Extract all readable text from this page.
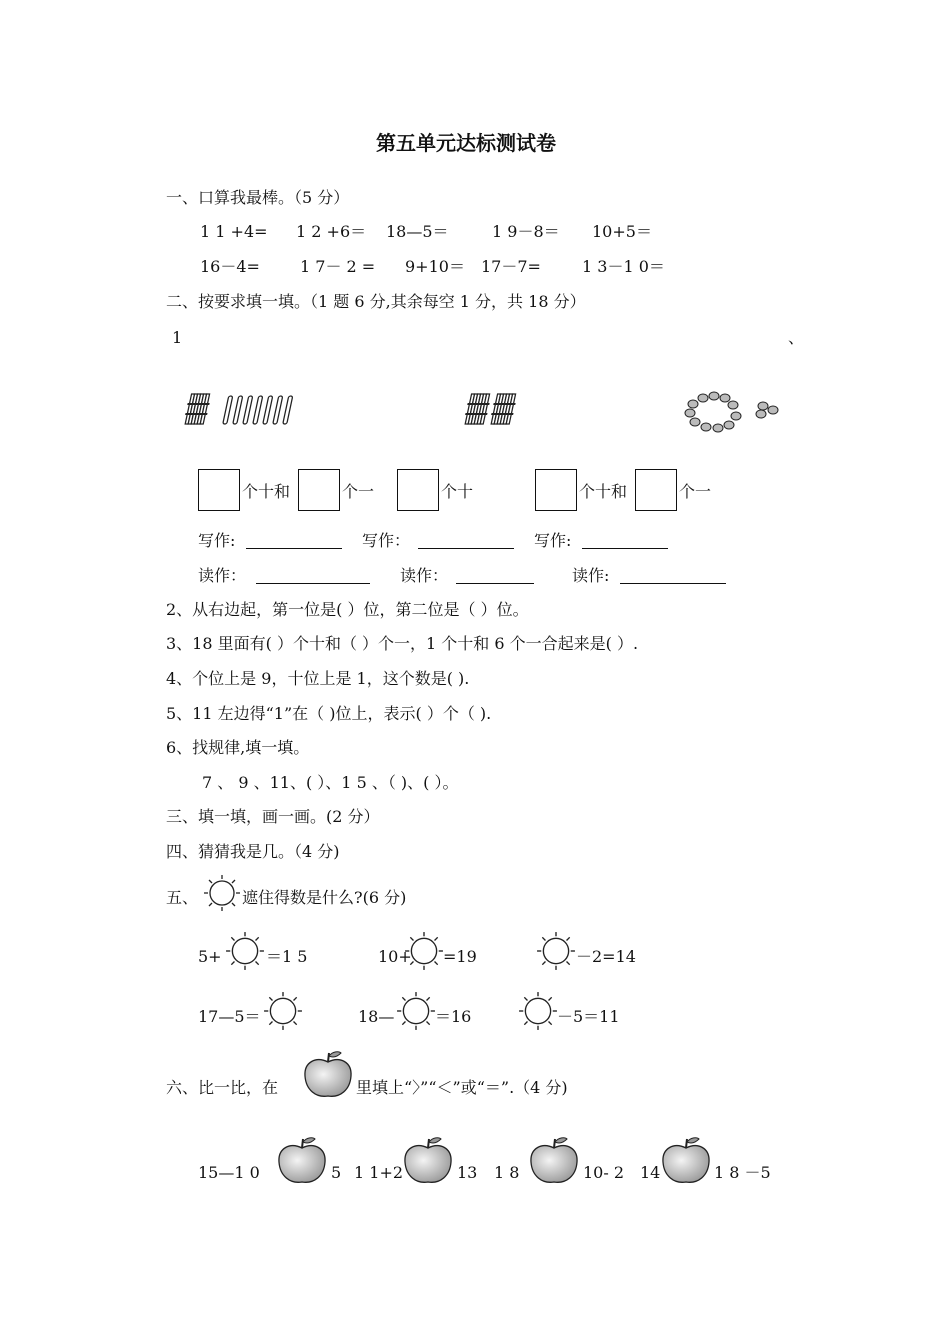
第五单元达标测试卷
一、口算我最棒。（5 分）
1 1 +4= 1 2 +6＝ 18—5＝	1 9－8＝ 10+5＝
16－4=	1 7－ 2 = 9+10＝ 17－7=	1 3－1 0＝
二、按要求填一填。（1 题 6 分,其余每空 1 分，共 18 分）
1	、
个十和	个一	个十	个十和	个一
写作:	写作：	写作:
读作：	读作：	读作:
2、从右边起，第一位是( ）位，第二位是（ ）位。
3、18 里面有( ）个十和（ ）个一，1 个十和 6 个一合起来是( ）.
4、个位上是 9，十位上是 1，这个数是( ).
5、11 左边得“1”在（ )位上，表示( ）个（ ).
6、找规律,填一填。
7 、 9 、11、( ）、1 5 、（ )、( ）。
三、填一填，画一画。(2 分）
四、猜猜我是几。（4 分)
五、	遮住得数是什么?(6 分)
5+	＝1 5	10+ =19	－2=14
17—5＝	18—	＝16	－5＝11
六、比一比，在	里填上“〉”“＜”或“＝”.（4 分)
15—1 0	5 1 1+2	13 1 8	10- 2 14	1 8 －5
